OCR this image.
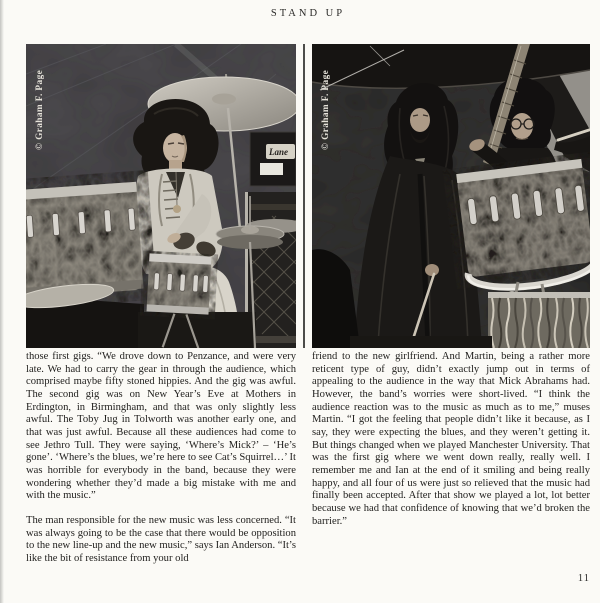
STAND UP
Lane
© Graham F. Page	© Graham F. Page

those first gigs. “We drove down to Penzance, and were very late. We had to carry the gear in through the audience, which comprised maybe fifty stoned hippies. And the gig was awful. The second gig was on New Year’s Eve at Mothers in Erdington, in Birmingham, and that was only slightly less awful. The Toby Jug in Tolworth was another early one, and that was just awful. Because all these audiences had come to see Jethro Tull. They were saying, ‘Where’s Mick?’ – ‘He’s gone’. ‘Where’s the blues, we’re here to see Cat’s Squirrel…’ It was horrible for everybody in the band, because they were wondering whether they’d made a big mistake with me and with the music.”

The man responsible for the new music was less concerned. “It was always going to be the case that there would be opposition to the new line-up and the new music,” says Ian Anderson. “It’s like the bit of resistance from your old

friend to the new girlfriend. And Martin, being a rather more reticent type of guy, didn’t exactly jump out in terms of appealing to the audience in the way that Mick Abrahams had. However, the band’s worries were short-lived. “I think the audience reaction was to the music as much as to me,” muses Martin. “I got the feeling that people didn’t like it because, as I say, they were expecting the blues, and they weren’t getting it. But things changed when we played Manchester University. That was the first gig where we went down really, really well. I remember me and Ian at the end of it smiling and being really happy, and all four of us were just so relieved that the music had finally been accepted. After that show we played a lot, lot better because we had that confidence of knowing that we’d broken the barrier.”

11
